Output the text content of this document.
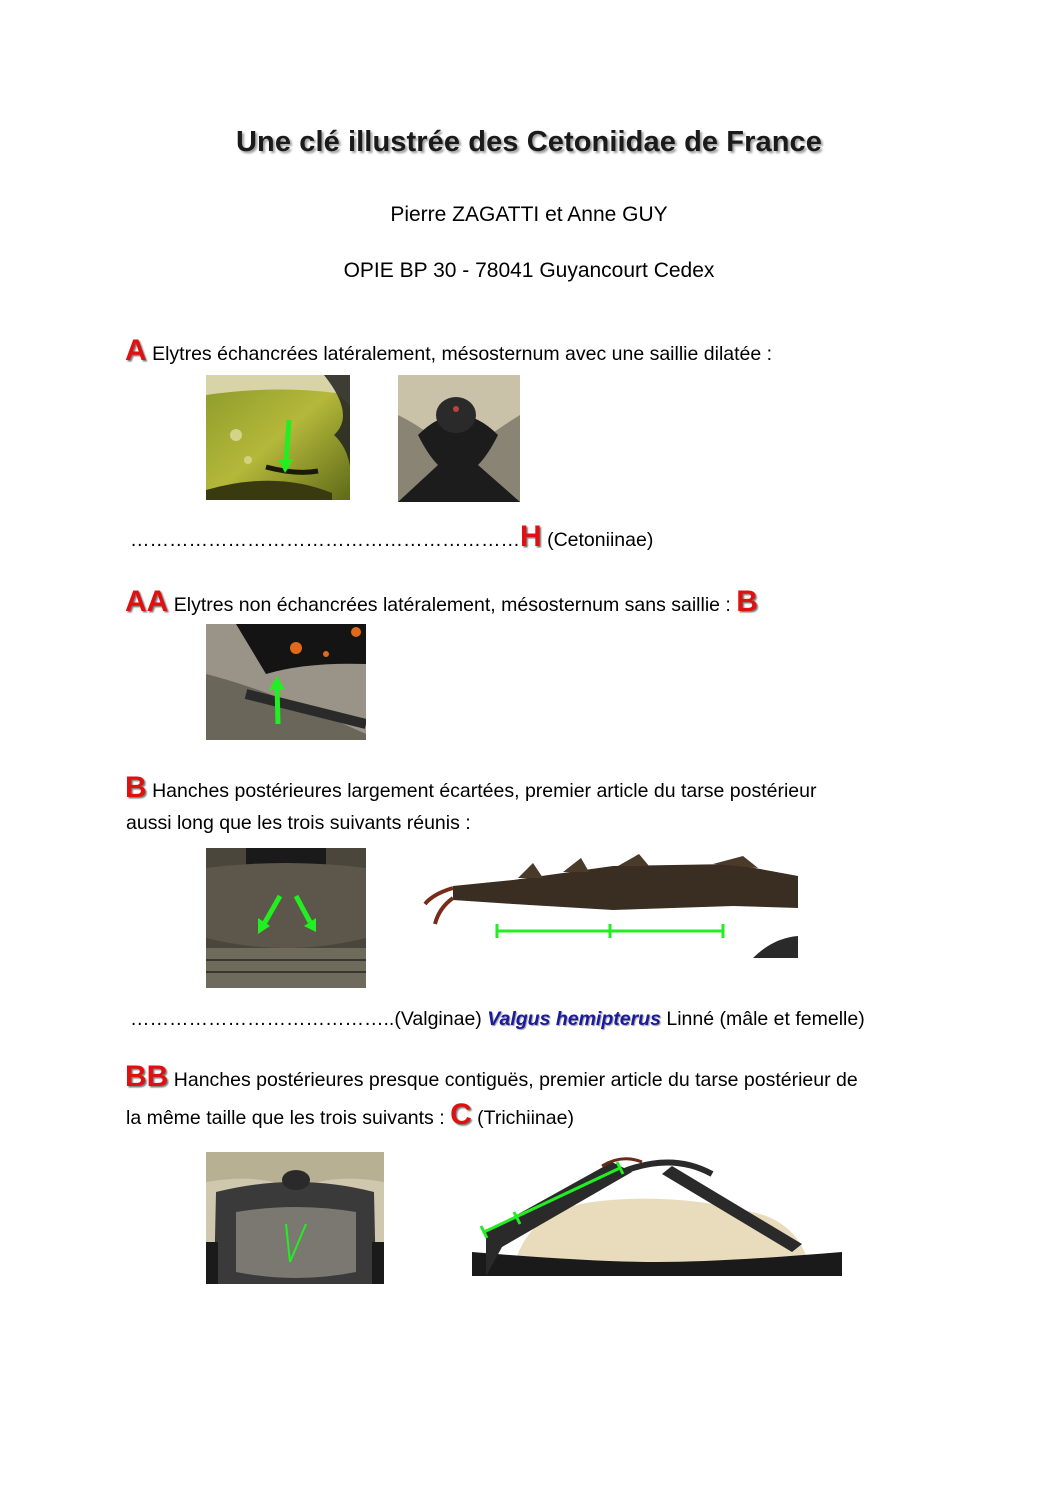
Une clé illustrée des Cetoniidae de France
Pierre ZAGATTI et Anne GUY
OPIE BP 30 - 78041 Guyancourt Cedex
A Elytres échancrées latéralement, mésosternum avec une saillie dilatée :
……………………………………………………H (Cetoniinae)
AA Elytres non échancrées latéralement, mésosternum sans saillie : B
B Hanches postérieures largement écartées, premier article du tarse postérieur
aussi long que les trois suivants réunis :
…………………………………..(Valginae) Valgus hemipterus Linné (mâle et femelle)
BB Hanches postérieures presque contiguës, premier article du tarse postérieur de
la même taille que les trois suivants : C (Trichiinae)
